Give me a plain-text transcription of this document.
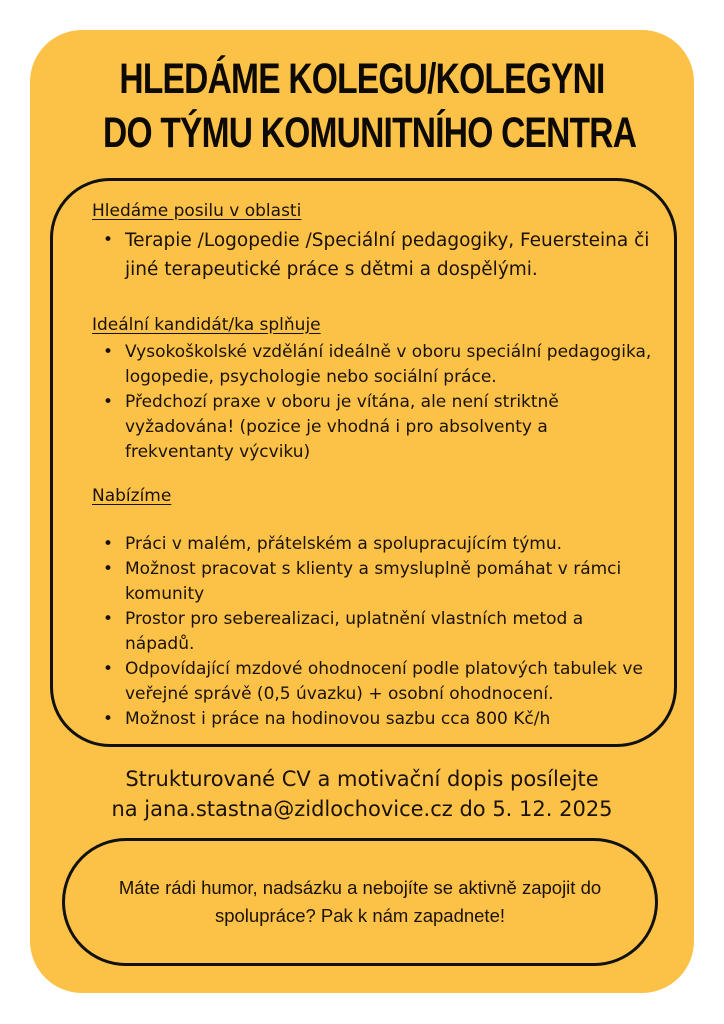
HLEDÁME KOLEGU/KOLEGYNI
DO TÝMU KOMUNITNÍHO CENTRA
Hledáme posilu v oblasti
• Terapie /Logopedie /Speciální pedagogiky, Feuersteina či jiné terapeutické práce s dětmi a dospělými.
Ideální kandidát/ka splňuje
• Vysokoškolské vzdělání ideálně v oboru speciální pedagogika, logopedie, psychologie nebo sociální práce.
• Předchozí praxe v oboru je vítána, ale není striktně vyžadována! (pozice je vhodná i pro absolventy a frekventanty výcviku)
Nabízíme
• Práci v malém, přátelském a spolupracujícím týmu.
• Možnost pracovat s klienty a smysluplně pomáhat v rámci komunity
• Prostor pro seberealizaci, uplatnění vlastních metod a nápadů.
• Odpovídající mzdové ohodnocení podle platových tabulek ve veřejné správě (0,5 úvazku) + osobní ohodnocení.
• Možnost i práce na hodinovou sazbu cca 800 Kč/h
Strukturované CV a motivační dopis posílejte
na jana.stastna@zidlochovice.cz do 5. 12. 2025
Máte rádi humor, nadsázku a nebojíte se aktivně zapojit do spolupráce? Pak k nám zapadnete!
